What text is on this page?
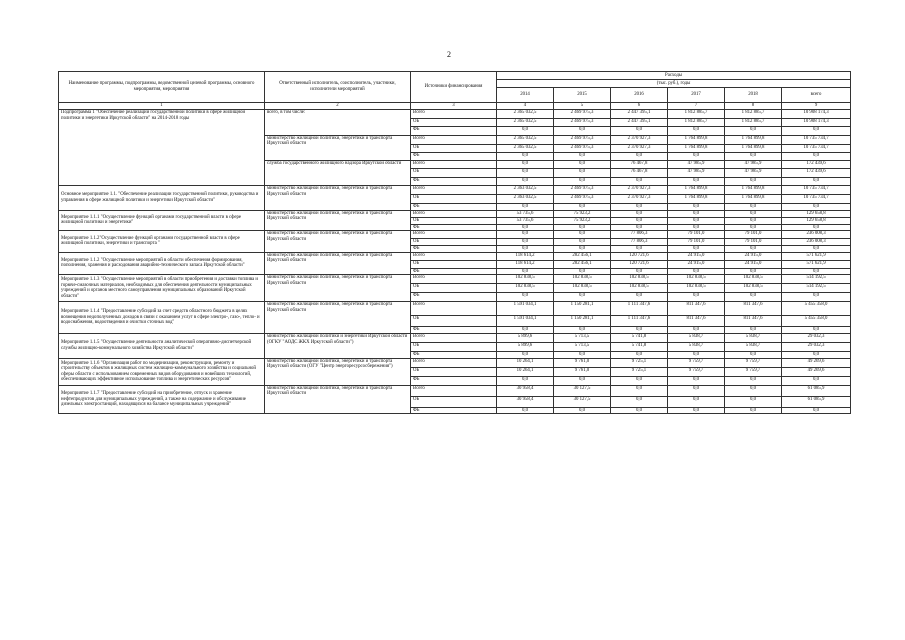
2
Наименование программы, подпрограммы, ведомственной целевой программы, основного мероприятия, мероприятия	Ответственный исполнитель, соисполнитель, участники, исполнители мероприятий	Источники финансирования	Расходы					
			(тыс. руб.), годы					
			2014	2015	2016	2017	2018	всего
1	2	3	4	5	6	7	8	9
Подпрограмма 1 "Обеспечение реализации государственной политики в сфере жилищной политики и энергетики Иркутской области" на 2014-2018 годы	всего, в том числе:	Всего	2 365 032,5	2 469 975,3	2 447 395,1	1 812 885,7	1 812 885,7	10 908 174,3
		ОБ	2 365 032,5	2 469 975,3	2 447 395,1	1 812 885,7	1 812 885,7	10 908 174,3
		ФБ	0,0	0,0	0,0	0,0	0,0	0,0
	министерство жилищной политики, энергетики и транспорта Иркутской области	Всего	2 365 032,5	2 469 975,3	2 370 927,3	1 764 899,8	1 764 899,8	10 735 734,7
		ОБ	2 365 032,5	2 469 975,3	2 370 927,3	1 764 899,8	1 764 899,8	10 735 734,7
		ФБ	0,0	0,0	0,0	0,0	0,0	0,0
	служба государственного жилищного надзора Иркутской области	Всего	0,0	0,0	76 467,8	47 985,9	47 985,9	172 439,6
		ОБ	0,0	0,0	76 467,8	47 985,9	47 985,9	172 439,6
		ФБ	0,0	0,0	0,0	0,0	0,0	0,0
Основное мероприятие 1.1. "Обеспечение реализации государственной политики, руководства и управления в сфере жилищной политики и энергетики Иркутской области"	министерство жилищной политики, энергетики и транспорта Иркутской области	Всего	2 363 032,5	2 469 975,3	2 370 927,3	1 764 899,8	1 764 899,8	10 735 734,7
		ОБ	2 363 032,5	2 469 975,3	2 370 927,3	1 764 899,8	1 764 899,8	10 735 734,7
		ФБ	0,0	0,0	0,0	0,0	0,0	0,0
Мероприятие 1.1.1 "Осуществление функций органами государственной власти в сфере жилищной политики и энергетики"	министерство жилищной политики, энергетики и транспорта Иркутской области	Всего	53 735,6	75 923,2	0,0	0,0	0,0	129 658,8
		ОБ	53 735,6	75 923,2	0,0	0,0	0,0	129 658,8
		ФБ	0,0	0,0	0,0	0,0	0,0	0,0
Мероприятие 1.1.2"Осуществление функций органами государственной власти в сфере жилищной политики, энергетики и транспорта "	министерство жилищной политики, энергетики и транспорта Иркутской области	Всего	0,0	0,0	77 806,3	79 101,0	79 101,0	236 008,3
		ОБ	0,0	0,0	77 806,3	79 101,0	79 101,0	236 008,3
		ФБ	0,0	0,0	0,0	0,0	0,0	0,0
Мероприятие 1.1.2 "Осуществление мероприятий в области обеспечения формирования, пополнения, хранения и расходования аварийно-технического запаса Иркутской области"	министерство жилищной политики, энергетики и транспорта Иркутской области	Всего	118 614,2	282 456,1	120 721,6	24 915,0	24 915,0	571 621,9
		ОБ	118 614,2	282 456,1	120 721,6	24 915,0	24 915,0	571 621,9
		ФБ	0,0	0,0	0,0	0,0	0,0	0,0
Мероприятие 1.1.3 "Осуществление мероприятий в области приобретения и доставки топлива и горюче-смазочных материалов, необходимых для обеспечения деятельности муниципальных учреждений и органов местного самоуправления муниципальных образований Иркутской области"	министерство жилищной политики, энергетики и транспорта Иркутской области	Всего	102 838,5	102 838,5	102 838,5	102 838,5	102 838,5	514 192,5
		ОБ	102 838,5	102 838,5	102 838,5	102 838,5	102 838,5	514 192,5
		ФБ	0,0	0,0	0,0	0,0	0,0	0,0
Мероприятие 1.1.4 "Предоставление субсидий за счет средств областного бюджета в целях возмещения недополученных доходов в связи с оказанием услуг в сфере электро-, газо-, тепло- и водоснабжения, водоотведения и очистки сточных вод"	министерство жилищной политики, энергетики и транспорта Иркутской области	Всего	1 591 034,1	1 150 281,1	1 111 347,6	811 347,6	811 347,6	5 455 358,0
		ОБ	1 591 034,1	1 150 281,1	1 111 347,6	811 347,6	811 347,6	5 455 358,0
		ФБ	0,0	0,0	0,0	0,0	0,0	0,0
Мероприятие 1.1.5 "Осуществление деятельности аналитической оперативно-диспетчерской службы жилищно-коммунального хозяйства Иркутской области"	министерство жилищной политики и энергетики Иркутской области (ОГКУ "АОДС ЖКХ Иркутской области")	Всего	5 899,6	5 713,5	5 741,8	5 838,7	5 838,7	29 032,3
		ОБ	5 899,6	5 713,5	5 741,8	5 838,7	5 838,7	29 032,3
		ФБ	0,0	0,0	0,0	0,0	0,0	0,0
Мероприятие 1.1.6 "Организация работ по модернизации, реконструкции, ремонту и строительству объектов в жилищных систем жилищно-коммунального хозяйства и социальной сферы области с использованием современных видов оборудования и новейших технологий, обеспечивающих эффективное использование топлива и энергетических ресурсов"	министерство жилищной политики, энергетики и транспорта Иркутской области (ОГУ "Центр энергоресурсосбережения")	Всего	10 264,1	9 761,0	9 725,1	9 759,7	9 759,7	49 269,6
		ОБ	10 264,1	9 761,0	9 725,1	9 759,7	9 759,7	49 269,6
		ФБ	0,0	0,0	0,0	0,0	0,0	0,0
Мероприятие 1.1.7 "Предоставление субсидий на приобретение, отпуск и хранение нефтепродуктов для муниципальных учреждений, а также на содержание и обслуживание дизельных электростанций, находящихся на балансе муниципальных учреждений"	министерство жилищной политики, энергетики и транспорта Иркутской области	Всего	30 958,4	30 127,5	0,0	0,0	0,0	61 085,9
		ОБ	30 958,4	30 127,5	0,0	0,0	0,0	61 085,9
		ФБ	0,0	0,0	0,0	0,0	0,0	0,0
